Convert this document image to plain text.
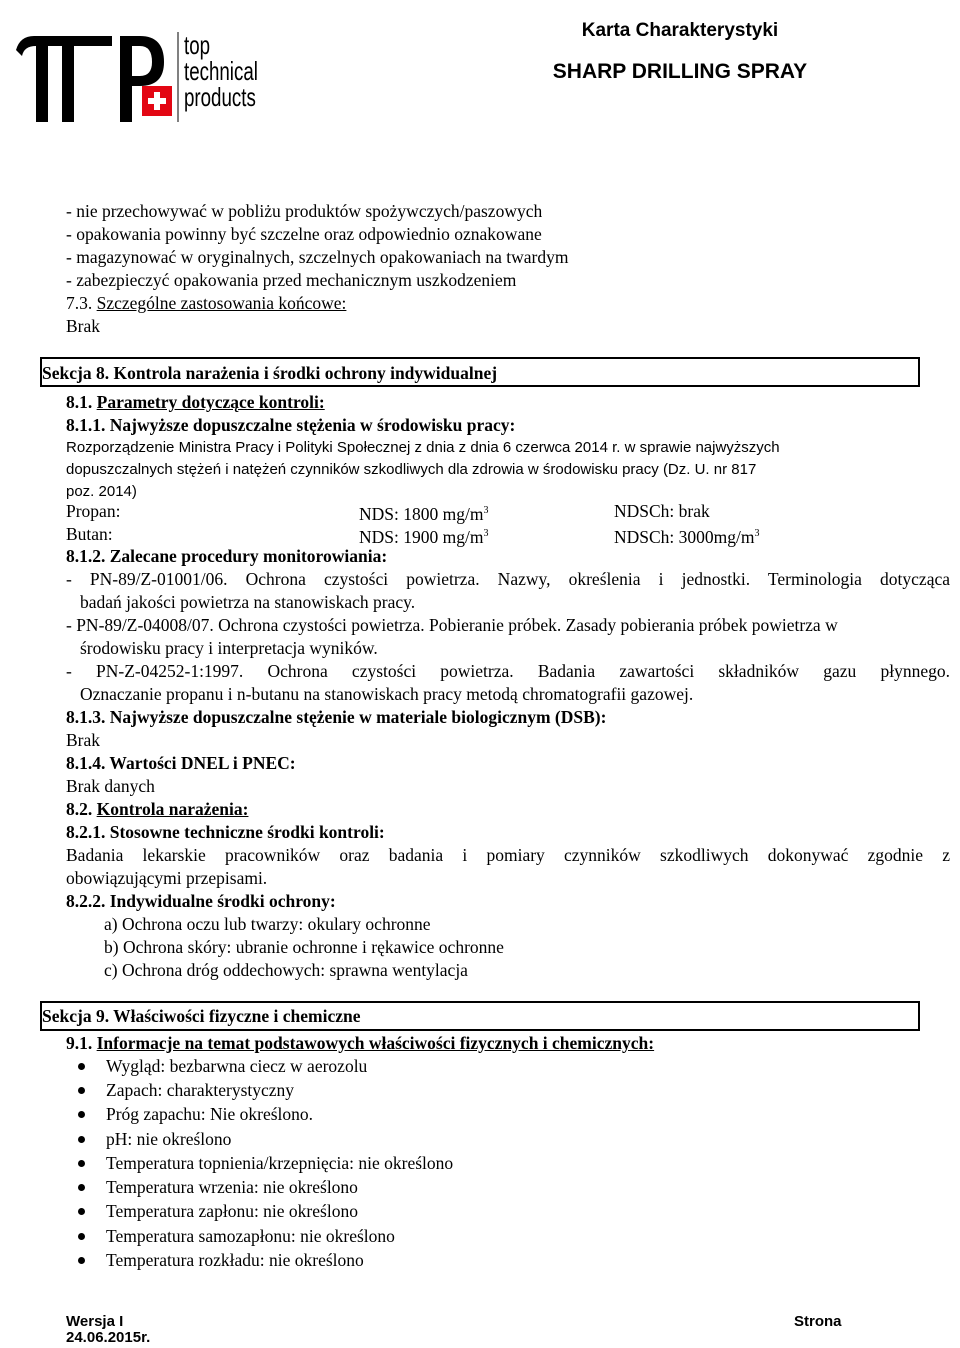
top
technical
products
Karta Charakterystyki
SHARP DRILLING SPRAY
- nie przechowywać w pobliżu produktów spożywczych/paszowych
- opakowania powinny być szczelne oraz odpowiednio oznakowane
- magazynować w oryginalnych, szczelnych opakowaniach na twardym
- zabezpieczyć opakowania przed mechanicznym uszkodzeniem
7.3. Szczególne zastosowania końcowe:
Brak
Sekcja 8. Kontrola narażenia i środki ochrony indywidualnej
8.1. Parametry dotyczące kontroli:
8.1.1. Najwyższe dopuszczalne stężenia w środowisku pracy:
Rozporządzenie Ministra Pracy i Polityki Społecznej z dnia z dnia 6 czerwca 2014 r. w sprawie najwyższych
dopuszczalnych stężeń i natężeń czynników szkodliwych dla zdrowia w środowisku pracy (Dz. U. nr 817
poz. 2014)
Propan:	NDS: 1800 $mg/m^3$	NDSCh: brak
Butan:	NDS: 1900 $mg/m^3$	NDSCh: $3000mg/m^3$
8.1.2. Zalecane procedury monitorowiania:
- PN-89/Z-01001/06. Ochrona czystości powietrza. Nazwy, określenia i jednostki. Terminologia dotycząca
badań jakości powietrza na stanowiskach pracy.
- PN-89/Z-04008/07. Ochrona czystości powietrza. Pobieranie próbek. Zasady pobierania próbek powietrza w
środowisku pracy i interpretacja wyników.
- PN-Z-04252-1:1997. Ochrona czystości powietrza. Badania zawartości składników gazu płynnego.
Oznaczanie propanu i n-butanu na stanowiskach pracy metodą chromatografii gazowej.
8.1.3. Najwyższe dopuszczalne stężenie w materiale biologicznym (DSB):
Brak
8.1.4. Wartości DNEL i PNEC:
Brak danych
8.2. Kontrola narażenia:
8.2.1. Stosowne techniczne środki kontroli:
Badania lekarskie pracowników oraz badania i pomiary czynników szkodliwych dokonywać zgodnie z
obowiązującymi przepisami.
8.2.2. Indywidualne środki ochrony:
a) Ochrona oczu lub twarzy: okulary ochronne
b) Ochrona skóry: ubranie ochronne i rękawice ochronne
c) Ochrona dróg oddechowych: sprawna wentylacja
Sekcja 9. Właściwości fizyczne i chemiczne
9.1. Informacje na temat podstawowych właściwości fizycznych i chemicznych:
Wygląd: bezbarwna ciecz w aerozolu
Zapach: charakterystyczny
Próg zapachu: Nie określono.
pH: nie określono
Temperatura topnienia/krzepnięcia: nie określono
Temperatura wrzenia: nie określono
Temperatura zapłonu: nie określono
Temperatura samozapłonu: nie określono
Temperatura rozkładu: nie określono
Wersja I
24.06.2015r.
Strona
